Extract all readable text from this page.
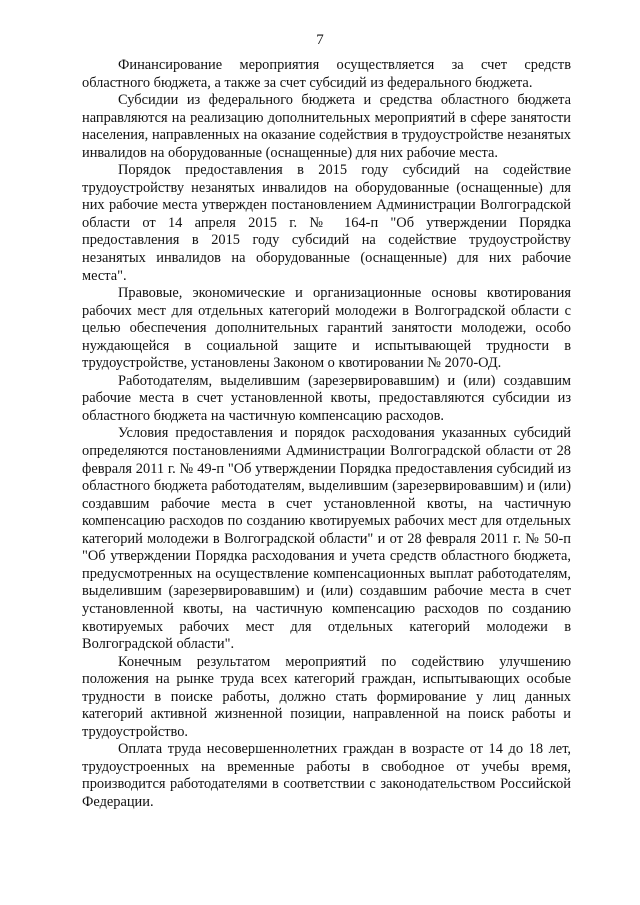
7

Финансирование мероприятия осуществляется за счет средств областного бюджета, а также за счет субсидий из федерального бюджета.

Субсидии из федерального бюджета и средства областного бюджета направляются на реализацию дополнительных мероприятий в сфере занятости населения, направленных на оказание содействия в трудоустройстве незанятых инвалидов на оборудованные (оснащенные) для них рабочие места.

Порядок предоставления в 2015 году субсидий на содействие трудоустройству незанятых инвалидов на оборудованные (оснащенные) для них рабочие места утвержден постановлением Администрации Волгоградской области от 14 апреля 2015 г. № 164-п "Об утверждении Порядка предоставления в 2015 году субсидий на содействие трудоустройству незанятых инвалидов на оборудованные (оснащенные) для них рабочие места".

Правовые, экономические и организационные основы квотирования рабочих мест для отдельных категорий молодежи в Волгоградской области с целью обеспечения дополнительных гарантий занятости молодежи, особо нуждающейся в социальной защите и испытывающей трудности в трудоустройстве, установлены Законом о квотировании № 2070-ОД.

Работодателям, выделившим (зарезервировавшим) и (или) создавшим рабочие места в счет установленной квоты, предоставляются субсидии из областного бюджета на частичную компенсацию расходов.

Условия предоставления и порядок расходования указанных субсидий определяются постановлениями Администрации Волгоградской области от 28 февраля 2011 г. № 49-п "Об утверждении Порядка предоставления субсидий из областного бюджета работодателям, выделившим (зарезервировавшим) и (или) создавшим рабочие места в счет установленной квоты, на частичную компенсацию расходов по созданию квотируемых рабочих мест для отдельных категорий молодежи в Волгоградской области" и от 28 февраля 2011 г. № 50-п "Об утверждении Порядка расходования и учета средств областного бюджета, предусмотренных на осуществление компенсационных выплат работодателям, выделившим (зарезервировавшим) и (или) создавшим рабочие места в счет установленной квоты, на частичную компенсацию расходов по созданию квотируемых рабочих мест для отдельных категорий молодежи в Волгоградской области".

Конечным результатом мероприятий по содействию улучшению положения на рынке труда всех категорий граждан, испытывающих особые трудности в поиске работы, должно стать формирование у лиц данных категорий активной жизненной позиции, направленной на поиск работы и трудоустройство.

Оплата труда несовершеннолетних граждан в возрасте от 14 до 18 лет, трудоустроенных на временные работы в свободное от учебы время, производится работодателями в соответствии с законодательством Российской Федерации.
